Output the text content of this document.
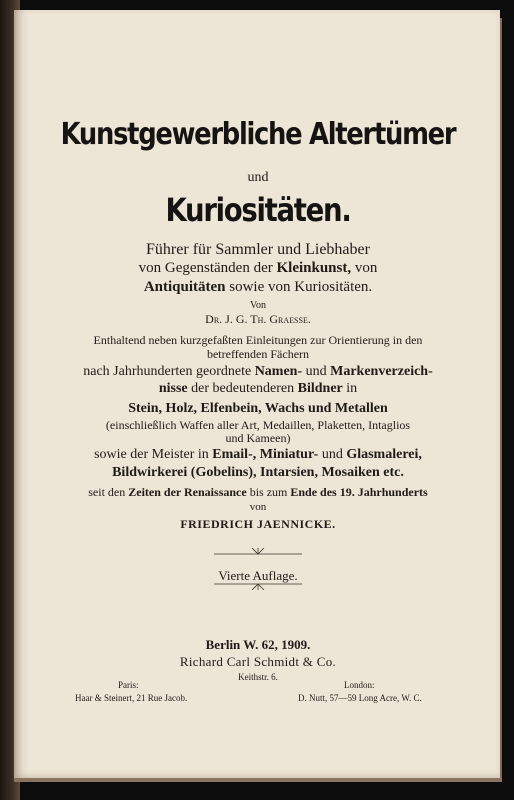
Kunstgewerbliche Altertümer
und
Kuriositäten.
Führer für Sammler und Liebhaber
von Gegenständen der Kleinkunst, von
Antiquitäten sowie von Kuriositäten.
Von
Dr. J. G. Th. Graesse.
Enthaltend neben kurzgefaßten Einleitungen zur Orientierung in den
betreffenden Fächern
nach Jahrhunderten geordnete Namen- und Markenverzeich-
nisse der bedeutenderen Bildner in
Stein, Holz, Elfenbein, Wachs und Metallen
(einschließlich Waffen aller Art, Medaillen, Plaketten, Intaglios
und Kameen)
sowie der Meister in Email-, Miniatur- und Glasmalerei,
Bildwirkerei (Gobelins), Intarsien, Mosaiken etc.
seit den Zeiten der Renaissance bis zum Ende des 19. Jahrhunderts
von
FRIEDRICH JAENNICKE.
Vierte Auflage.
Berlin W. 62, 1909.
Richard Carl Schmidt & Co.
Keithstr. 6.
Paris:
Haar & Steinert, 21 Rue Jacob.
London:
D. Nutt, 57—59 Long Acre, W. C.
